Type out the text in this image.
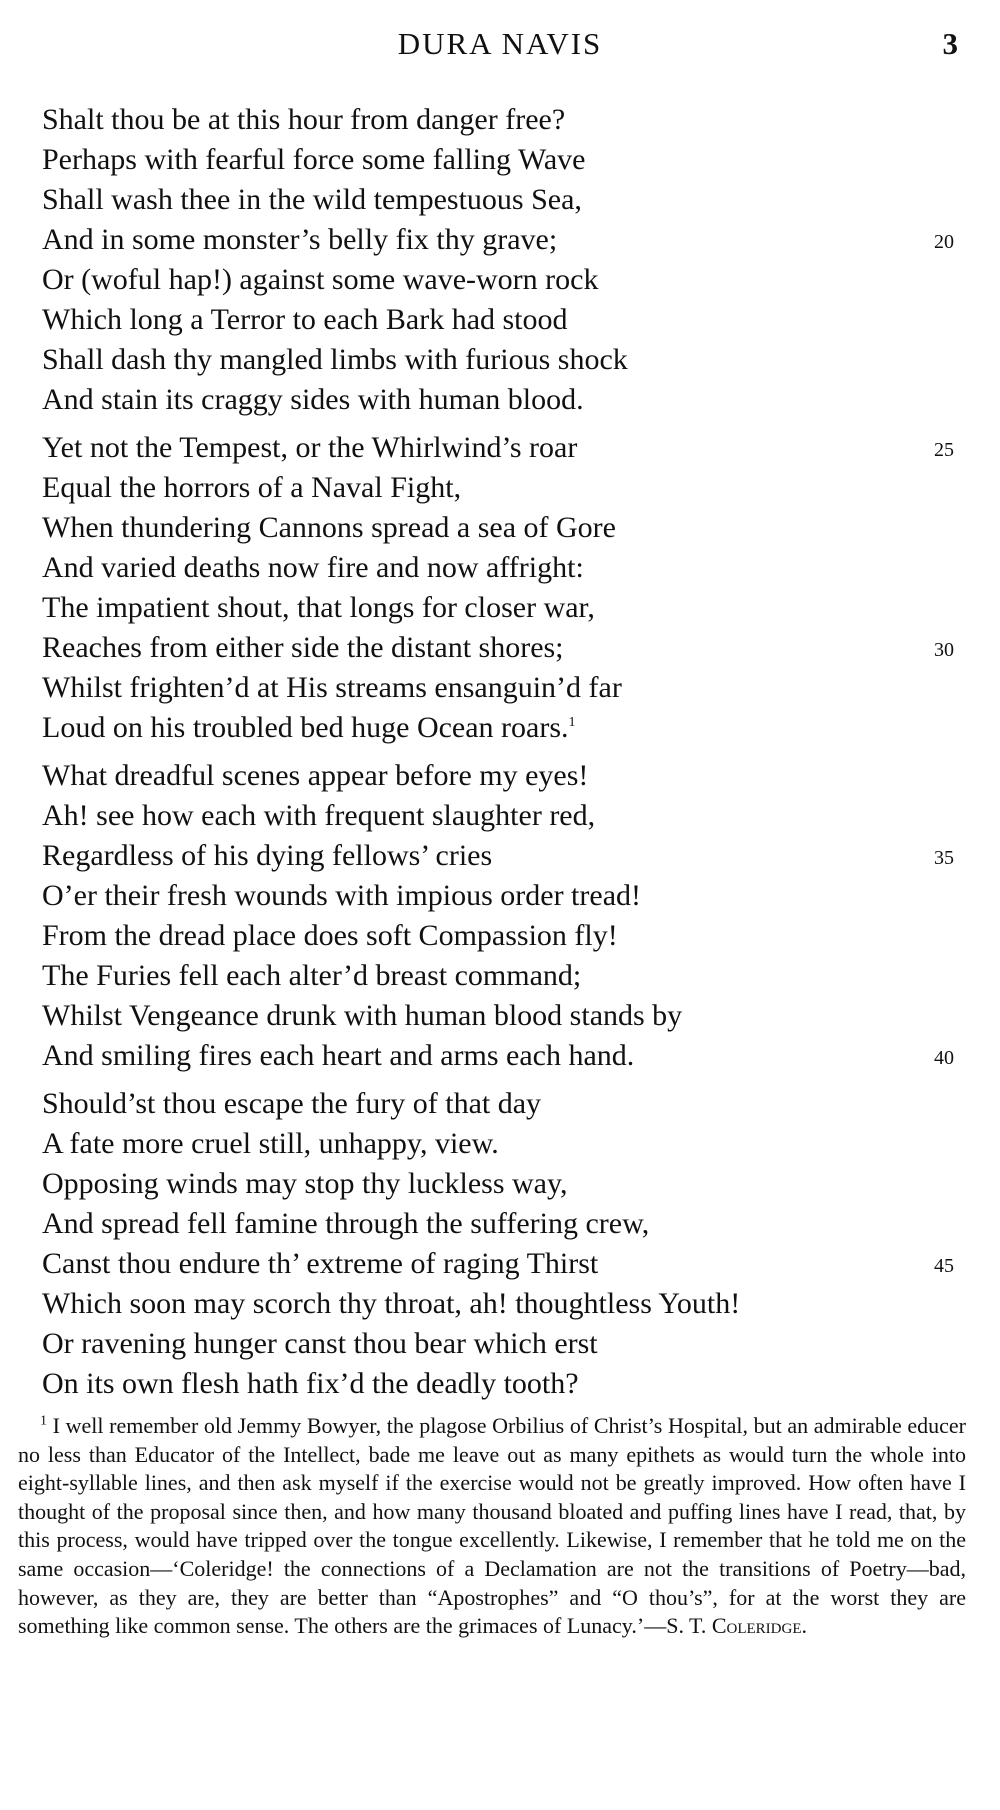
DURA NAVIS	3
Shalt thou be at this hour from danger free?
Perhaps with fearful force some falling Wave
Shall wash thee in the wild tempestuous Sea,
And in some monster’s belly fix thy grave;	20
Or (woful hap!) against some wave-worn rock
Which long a Terror to each Bark had stood
Shall dash thy mangled limbs with furious shock
And stain its craggy sides with human blood.
Yet not the Tempest, or the Whirlwind’s roar	25
Equal the horrors of a Naval Fight,
When thundering Cannons spread a sea of Gore
And varied deaths now fire and now affright:
The impatient shout, that longs for closer war,
Reaches from either side the distant shores;	30
Whilst frighten’d at His streams ensanguin’d far
Loud on his troubled bed huge Ocean roars.$^1$
What dreadful scenes appear before my eyes!
Ah! see how each with frequent slaughter red,
Regardless of his dying fellows’ cries	35
O’er their fresh wounds with impious order tread!
From the dread place does soft Compassion fly!
The Furies fell each alter’d breast command;
Whilst Vengeance drunk with human blood stands by
And smiling fires each heart and arms each hand.	40
Should’st thou escape the fury of that day
A fate more cruel still, unhappy, view.
Opposing winds may stop thy luckless way,
And spread fell famine through the suffering crew,
Canst thou endure th’ extreme of raging Thirst	45
Which soon may scorch thy throat, ah! thoughtless Youth!
Or ravening hunger canst thou bear which erst
On its own flesh hath fix’d the deadly tooth?

$^1$ I well remember old Jemmy Bowyer, the plagose Orbilius of Christ’s Hospital, but an admirable educer no less than Educator of the Intellect, bade me leave out as many epithets as would turn the whole into eight-syllable lines, and then ask myself if the exercise would not be greatly improved. How often have I thought of the proposal since then, and how many thousand bloated and puffing lines have I read, that, by this process, would have tripped over the tongue excellently. Likewise, I remember that he told me on the same occasion—‘Coleridge! the connections of a Declamation are not the transitions of Poetry—bad, however, as they are, they are better than “Apostrophes” and “O thou’s”, for at the worst they are something like common sense. The others are the grimaces of Lunacy.’—S. T. Coleridge.
